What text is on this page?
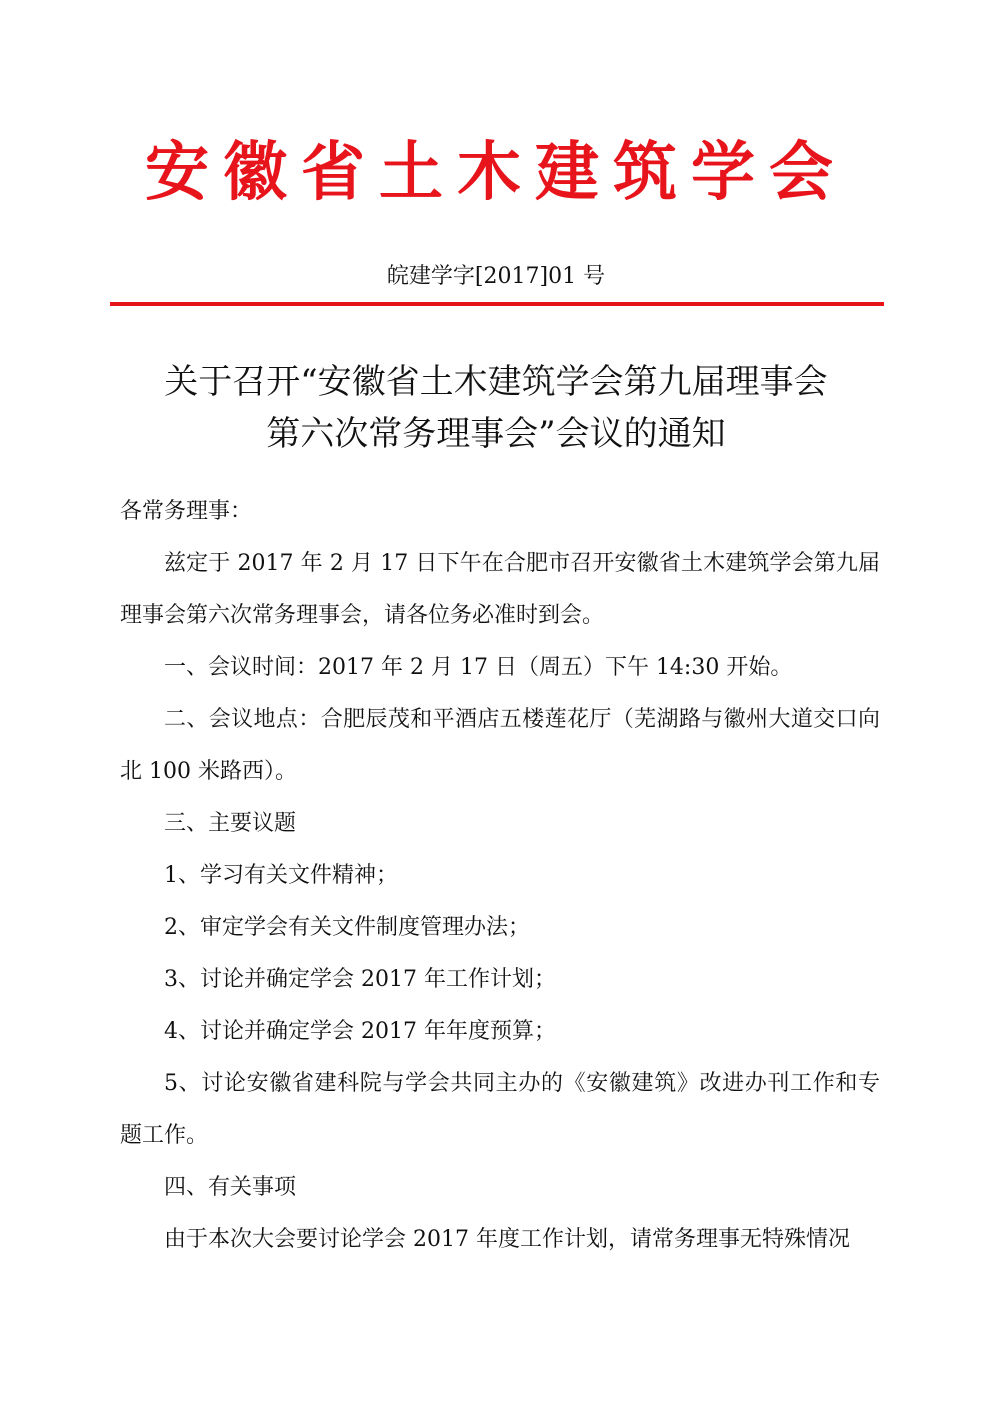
安徽省土木建筑学会
皖建学字[2017]01 号
关于召开“安徽省土木建筑学会第九届理事会
第六次常务理事会”会议的通知

各常务理事：

兹定于 2017 年 2 月 17 日下午在合肥市召开安徽省土木建筑学会第九届理事会第六次常务理事会，请各位务必准时到会。

一、会议时间：2017 年 2 月 17 日（周五）下午 14:30 开始。

二、会议地点：合肥辰茂和平酒店五楼莲花厅（芜湖路与徽州大道交口向北 100 米路西）。

三、主要议题

1、学习有关文件精神；

2、审定学会有关文件制度管理办法；

3、讨论并确定学会 2017 年工作计划；

4、讨论并确定学会 2017 年年度预算；

5、讨论安徽省建科院与学会共同主办的《安徽建筑》改进办刊工作和专题工作。

四、有关事项

由于本次大会要讨论学会 2017 年度工作计划，请常务理事无特殊情况
